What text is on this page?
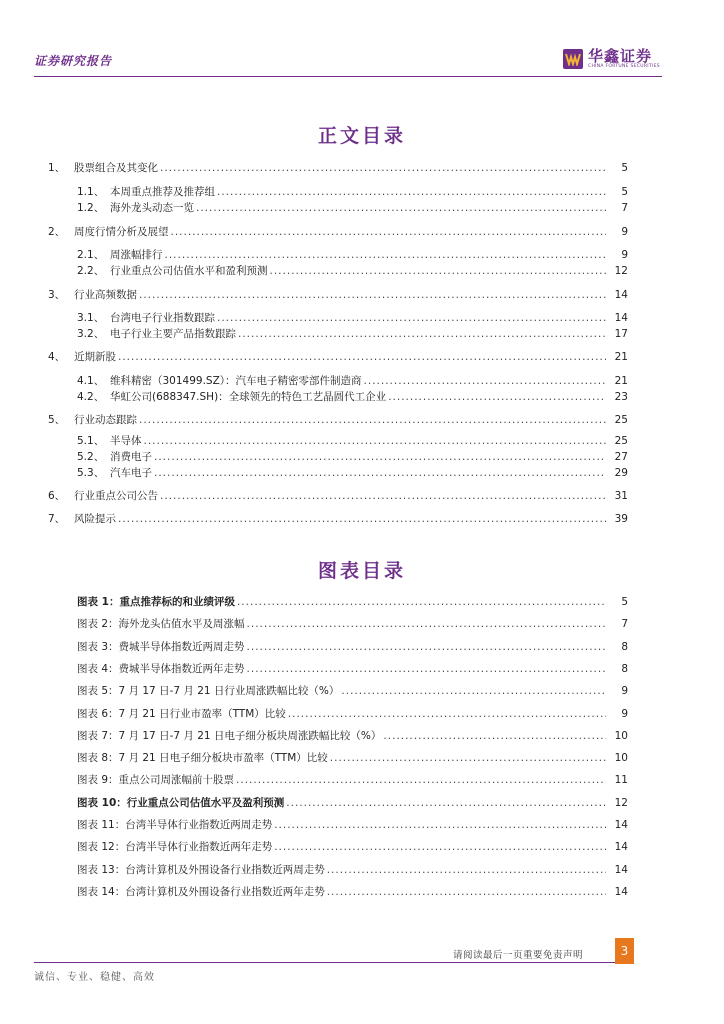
证券研究报告	华鑫证券
CHINA FORTUNE SECURITIES
正文目录
1、 股票组合及其变化 .....	5
1.1、 本周重点推荐及推荐组 .....	5
1.2、 海外龙头动态一览 .....	7
2、 周度行情分析及展望 .....	9
2.1、 周涨幅排行 .....	9
2.2、 行业重点公司估值水平和盈利预测 .....	12
3、 行业高频数据 .....	14
3.1、 台湾电子行业指数跟踪 .....	14
3.2、 电子行业主要产品指数跟踪 .....	17
4、 近期新股 .....	21
4.1、 维科精密（301499.SZ）：汽车电子精密零部件制造商 .....	21
4.2、 华虹公司(688347.SH)：全球领先的特色工艺晶圆代工企业 .....	23
5、 行业动态跟踪 .....	25
5.1、 半导体 .....	25
5.2、 消费电子 .....	27
5.3、 汽车电子 .....	29
6、 行业重点公司公告 .....	31
7、 风险提示 .....	39
图表目录
图表 1：重点推荐标的和业绩评级 .....	5
图表 2：海外龙头估值水平及周涨幅 .....	7
图表 3：费城半导体指数近两周走势 .....	8
图表 4：费城半导体指数近两年走势 .....	8
图表 5：7 月 17 日-7 月 21 日行业周涨跌幅比较（%） .....	9
图表 6：7 月 21 日行业市盈率（TTM）比较 .....	9
图表 7：7 月 17 日-7 月 21 日电子细分板块周涨跌幅比较（%） .....	10
图表 8：7 月 21 日电子细分板块市盈率（TTM）比较 .....	10
图表 9：重点公司周涨幅前十股票 .....	11
图表 10：行业重点公司估值水平及盈利预测 .....	12
图表 11：台湾半导体行业指数近两周走势 .....	14
图表 12：台湾半导体行业指数近两年走势 .....	14
图表 13：台湾计算机及外围设备行业指数近两周走势 .....	14
图表 14：台湾计算机及外围设备行业指数近两年走势 .....	14
请阅读最后一页重要免责声明	3
诚信、专业、稳健、高效
